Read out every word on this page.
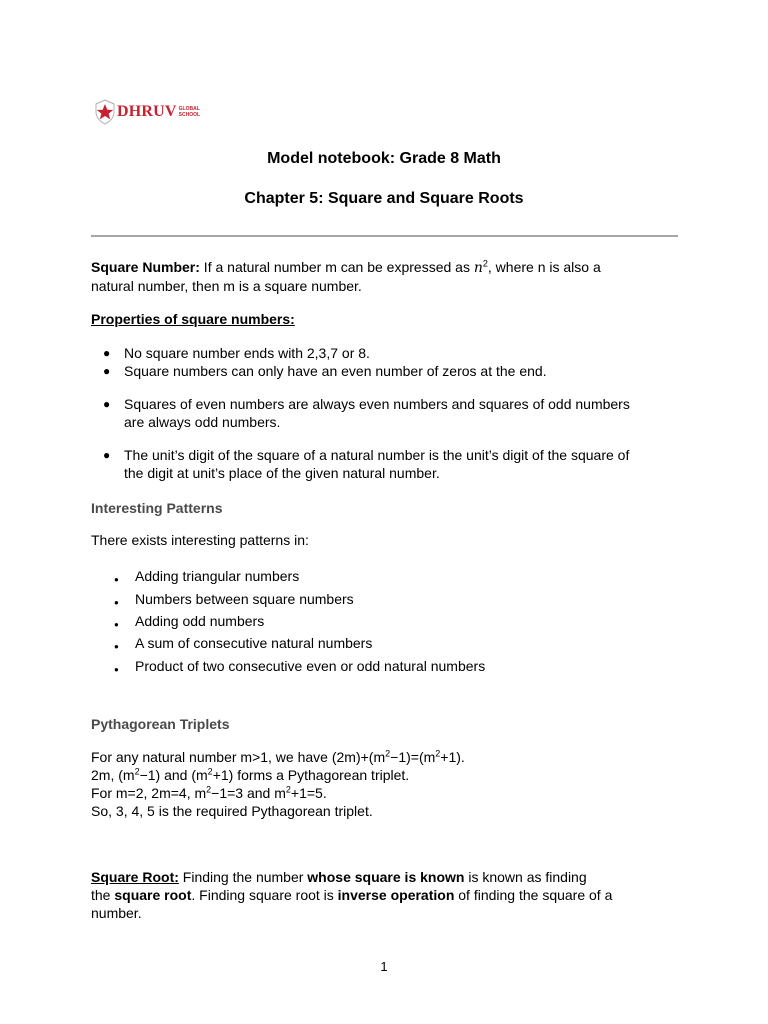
DHRUV GLOBAL
SCHOOL
Model notebook: Grade 8 Math
Chapter 5: Square and Square Roots

Square Number: If a natural number m can be expressed as $n^2$, where n is also a
natural number, then m is a square number.

Properties of square numbers:

● No square number ends with 2,3,7 or 8.
● Square numbers can only have an even number of zeros at the end.
● Squares of even numbers are always even numbers and squares of odd numbers
are always odd numbers.
● The unit’s digit of the square of a natural number is the unit’s digit of the square of
the digit at unit’s place of the given natural number.
Interesting Patterns

There exists interesting patterns in:

● Adding triangular numbers
● Numbers between square numbers
● Adding odd numbers
● A sum of consecutive natural numbers
● Product of two consecutive even or odd natural numbers
Pythagorean Triplets

For any natural number m>1, we have $(2m)+(m^2-1)=(m^2+1)$.
2m, $(m^2-1)$ and $(m^2+1)$ forms a Pythagorean triplet.
For m=2, 2m=4, $m^2-1=3$ and $m^2+1=5$.
So, 3, 4, 5 is the required Pythagorean triplet.

Square Root: Finding the number whose square is known is known as finding
the square root. Finding square root is inverse operation of finding the square of a
number.

1
